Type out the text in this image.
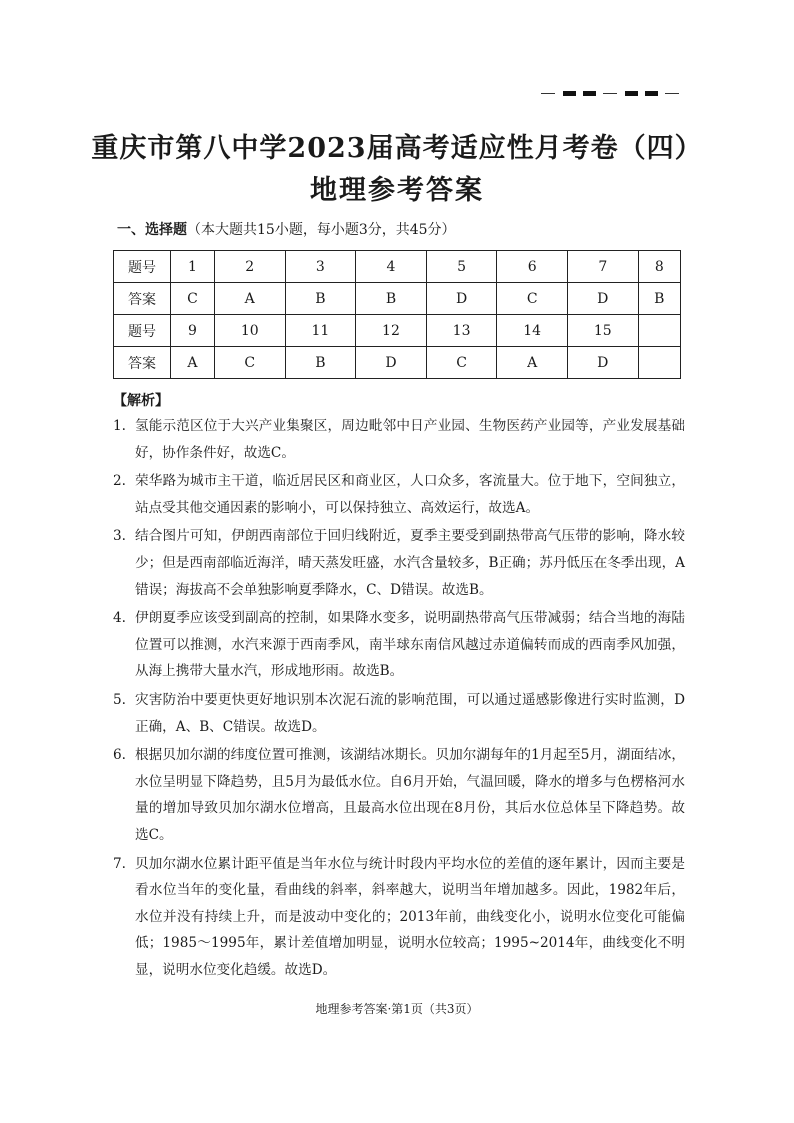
重庆市第八中学2023届高考适应性月考卷（四）
地理参考答案
一、选择题（本大题共15小题，每小题3分，共45分）
题号	1	2	3	4	5	6	7	8
答案	C	A	B	B	D	C	D	B
题号	9	10	11	12	13	14	15	
答案	A	C	B	D	C	A	D	
【解析】
1. 氢能示范区位于大兴产业集聚区，周边毗邻中日产业园、生物医药产业园等，产业发展基础好，协作条件好，故选C。
2. 荣华路为城市主干道，临近居民区和商业区，人口众多，客流量大。位于地下，空间独立，站点受其他交通因素的影响小，可以保持独立、高效运行，故选A。
3. 结合图片可知，伊朗西南部位于回归线附近，夏季主要受到副热带高气压带的影响，降水较少；但是西南部临近海洋，晴天蒸发旺盛，水汽含量较多，B正确；苏丹低压在冬季出现，A错误；海拔高不会单独影响夏季降水，C、D错误。故选B。
4. 伊朗夏季应该受到副高的控制，如果降水变多，说明副热带高气压带减弱；结合当地的海陆位置可以推测，水汽来源于西南季风，南半球东南信风越过赤道偏转而成的西南季风加强，从海上携带大量水汽，形成地形雨。故选B。
5. 灾害防治中要更快更好地识别本次泥石流的影响范围，可以通过遥感影像进行实时监测，D正确，A、B、C错误。故选D。
6. 根据贝加尔湖的纬度位置可推测，该湖结冰期长。贝加尔湖每年的1月起至5月，湖面结冰，水位呈明显下降趋势，且5月为最低水位。自6月开始，气温回暖，降水的增多与色楞格河水量的增加导致贝加尔湖水位增高，且最高水位出现在8月份，其后水位总体呈下降趋势。故选C。
7. 贝加尔湖水位累计距平值是当年水位与统计时段内平均水位的差值的逐年累计，因而主要是看水位当年的变化量，看曲线的斜率，斜率越大，说明当年增加越多。因此，1982年后，水位并没有持续上升，而是波动中变化的；2013年前，曲线变化小，说明水位变化可能偏低；1985～1995年，累计差值增加明显，说明水位较高；1995~2014年，曲线变化不明显，说明水位变化趋缓。故选D。
地理参考答案·第1页（共3页）
